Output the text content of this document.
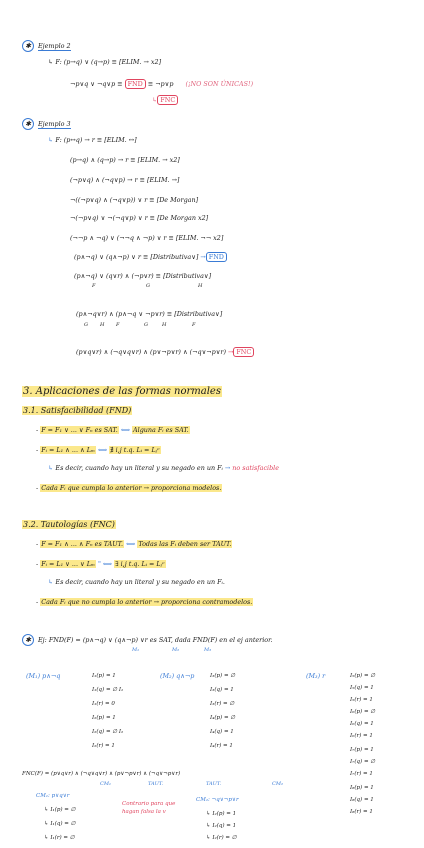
✱ Ejemplo 2
↳ F: (p→q) ∨ (q→p) ≡ [ELIM. → x2]
¬p∨q ∨ ¬q∨p ≡ FND ≡ ¬p∨p (¡NO SON ÚNICAS!)
↳ FNC
✱ Ejemplo 3
↳ F: (p↔q) → r ≡ [ELIM. ↔]
(p→q) ∧ (q→p) → r ≡ [ELIM. → x2]
(¬p∨q) ∧ (¬q∨p) → r ≡ [ELIM. →]
¬((¬p∨q) ∧ (¬q∨p)) ∨ r ≡ [De Morgan]
¬(¬p∨q) ∨ ¬(¬q∨p) ∨ r ≡ [De Morgan x2]
(¬¬p ∧ ¬q) ∨ (¬¬q ∧ ¬p) ∨ r ≡ [ELIM. ¬¬ x2]
(p∧¬q) ∨ (q∧¬p) ∨ r ≡ [Distributiva∨] → FND
(p∧¬q) ∨ (q∨r) ∧ (¬p∨r) ≡ [Distributiva∨]
F	G	H
(p∧¬q∨r) ∧ (p∧¬q ∨ ¬p∨r) ≡ [Distributiva∨]
G H F	G	H	F
(p∨q∨r) ∧ (¬q∨q∨r) ∧ (p∨¬p∨r) ∧ (¬q∨¬p∨r) → FNC
3. Aplicaciones de las formas normales
3.1. Satisfacibilidad (FND)
- F = F₁ ∨ ... ∨ Fₙ es SAT. ⟺ Alguna Fᵢ es SAT.
- Fᵢ = L₁ ∧ ... ∧ Lₘ ⟺ ∄ i,j t.q. Lᵢ = Lⱼᶜ
↳ Es decir, cuando hay un literal y su negado en un Fᵢ → no satisfacible
- Cada Fᵢ que cumpla lo anterior → proporciona modelos.
3.2. Tautologías (FNC)
- F = F₁ ∧ ... ∧ Fₙ es TAUT. ⟺ Todas las Fᵢ deben ser TAUT.
- Fᵢ = L₁ ∨ ... ∨ Lₘ " ⟺ ∃ i,j t.q. Lᵢ = Lⱼᶜ
↳ Es decir, cuando hay un literal y su negado en un Fᵢ.
- Cada Fᵢ que no cumpla lo anterior → proporciona contramodelos.
✱ Ej: FND(F) = (p∧¬q) ∨ (q∧¬p) ∨r es SAT, dada FND(F) en el ej anterior.
M₁	M₂	M₃
(M₁) p∧¬q	I₁(p) = 1
I₁(q) = ∅ I₁
I₁(r) = 0
I₂(p) = 1
I₂(q) = ∅ I₂
I₂(r) = 1
(M₂) q∧¬p	I₃(p) = ∅
I₃(q) = 1
I₃(r) = ∅
I₄(p) = ∅
I₄(q) = 1
I₄(r) = 1
(M₃) r	I₅(p) = ∅
I₅(q) = 1
I₅(r) = 1
I₆(p) = ∅
I₆(q) = 1
I₆(r) = 1
I₇(p) = 1
I₇(q) = ∅
I₇(r) = 1
I₈(p) = 1
I₈(q) = 1
I₈(r) = 1
FNC(F) = (p∨q∨r) ∧ (¬q∨q∨r) ∧ (p∨¬p∨r) ∧ (¬q∨¬p∨r)
CM₁	TAUT.	TAUT.	CM₂
CM₁: p∨q∨r
↳ I₁(p) = ∅
↳ I₁(q) = ∅
↳ I₁(r) = ∅
Contrario para que hagan falsa la v
CM₂: ¬q∨¬p∨r
↳ I₂(p) = 1
↳ I₂(q) = 1
↳ I₂(r) = ∅
